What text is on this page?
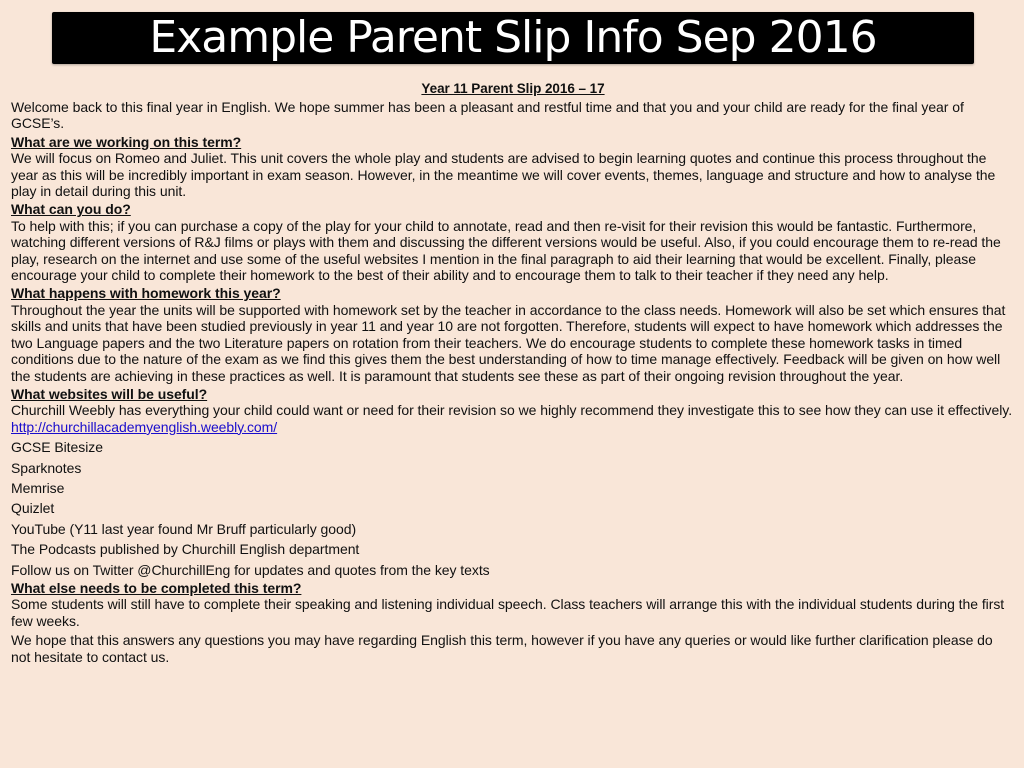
Example Parent Slip Info Sep 2016
Year 11 Parent Slip 2016 – 17

Welcome back to this final year in English. We hope summer has been a pleasant and restful time and that you and your child are ready for the final year of GCSE’s.

What are we working on this term?

We will focus on Romeo and Juliet. This unit covers the whole play and students are advised to begin learning quotes and continue this process throughout the year as this will be incredibly important in exam season. However, in the meantime we will cover events, themes, language and structure and how to analyse the play in detail during this unit.

What can you do?

To help with this; if you can purchase a copy of the play for your child to annotate, read and then re-visit for their revision this would be fantastic. Furthermore, watching different versions of R&J films or plays with them and discussing the different versions would be useful. Also, if you could encourage them to re-read the play, research on the internet and use some of the useful websites I mention in the final paragraph to aid their learning that would be excellent. Finally, please encourage your child to complete their homework to the best of their ability and to encourage them to talk to their teacher if they need any help.

What happens with homework this year?

Throughout the year the units will be supported with homework set by the teacher in accordance to the class needs. Homework will also be set which ensures that skills and units that have been studied previously in year 11 and year 10 are not forgotten. Therefore, students will expect to have homework which addresses the two Language papers and the two Literature papers on rotation from their teachers. We do encourage students to complete these homework tasks in timed conditions due to the nature of the exam as we find this gives them the best understanding of how to time manage effectively. Feedback will be given on how well the students are achieving in these practices as well. It is paramount that students see these as part of their ongoing revision throughout the year.

What websites will be useful?

Churchill Weebly has everything your child could want or need for their revision so we highly recommend they investigate this to see how they can use it effectively. http://churchillacademyenglish.weebly.com/

GCSE Bitesize
Sparknotes
Memrise
Quizlet
YouTube (Y11 last year found Mr Bruff particularly good)
The Podcasts published by Churchill English department
Follow us on Twitter @ChurchillEng for updates and quotes from the key texts
What else needs to be completed this term?

Some students will still have to complete their speaking and listening individual speech. Class teachers will arrange this with the individual students during the first few weeks.

We hope that this answers any questions you may have regarding English this term, however if you have any queries or would like further clarification please do not hesitate to contact us.
